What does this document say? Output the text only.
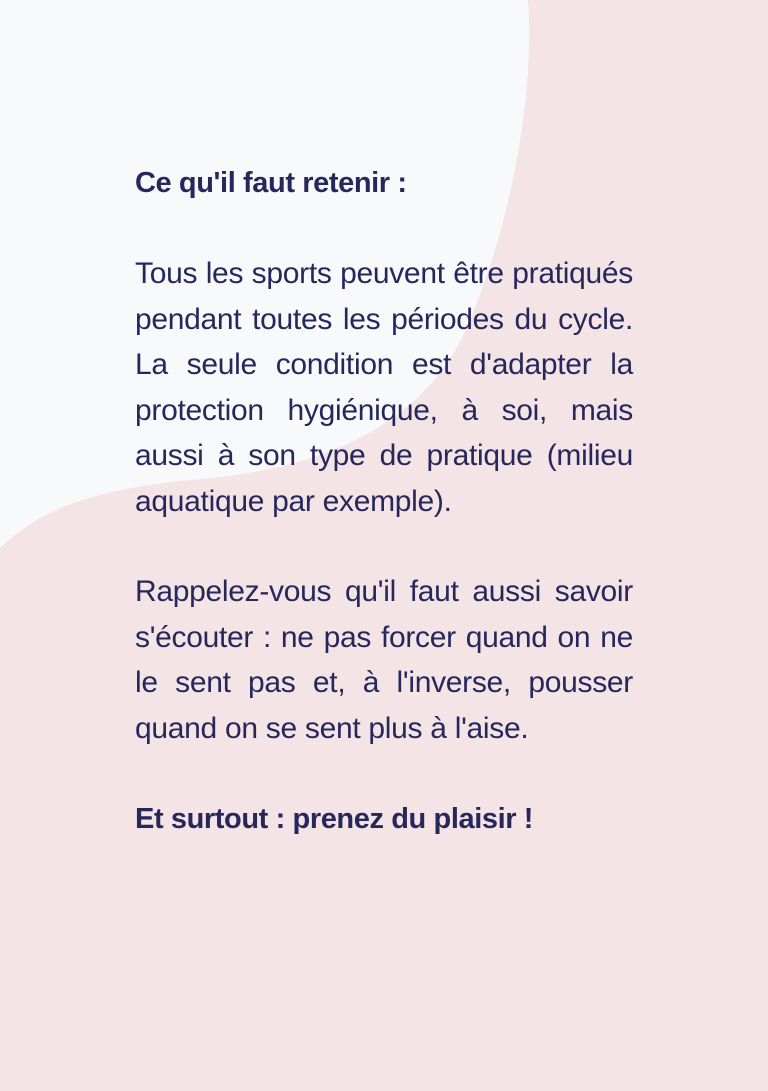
Ce qu'il faut retenir :

Tous les sports peuvent être pratiqués pendant toutes les périodes du cycle. La seule condition est d'adapter la protection hygiénique, à soi, mais aussi à son type de pratique (milieu aquatique par exemple).

Rappelez-vous qu'il faut aussi savoir s'écouter : ne pas forcer quand on ne le sent pas et, à l'inverse, pousser quand on se sent plus à l'aise.

Et surtout : prenez du plaisir !
